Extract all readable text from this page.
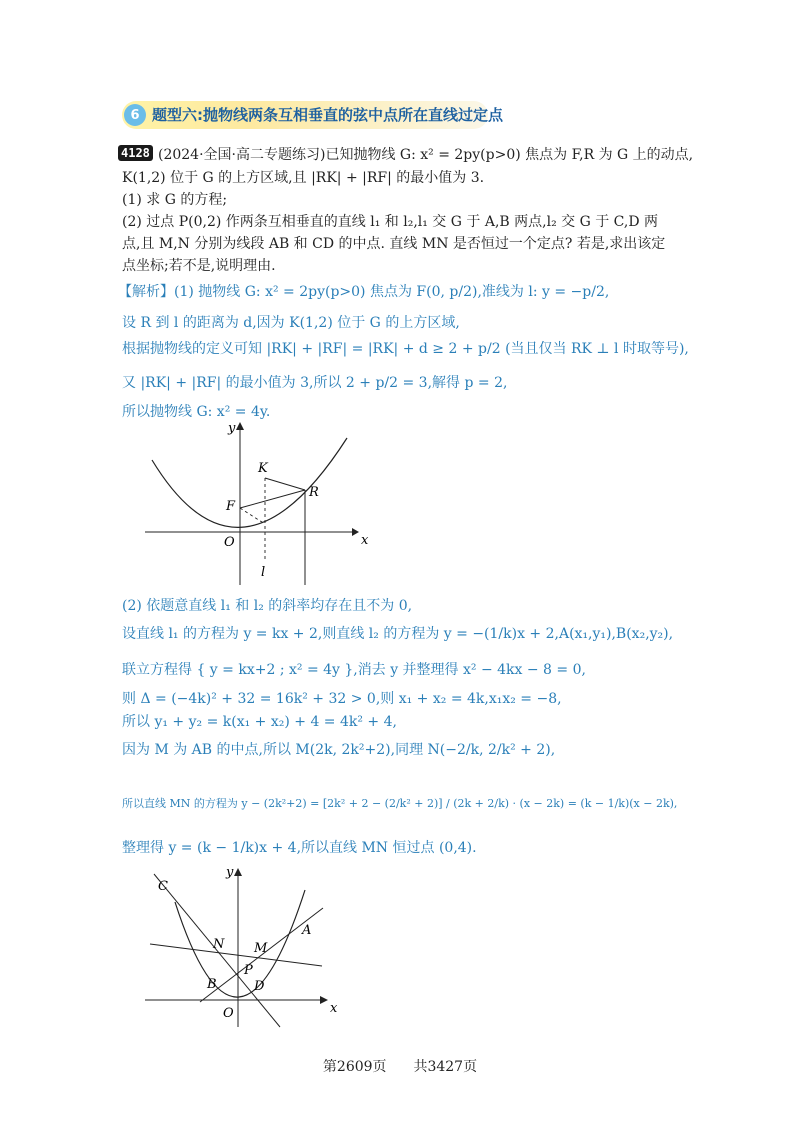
6 题型六:抛物线两条互相垂直的弦中点所在直线过定点
4128 (2024·全国·高二专题练习)已知抛物线 G: x² = 2py(p>0) 焦点为 F,R 为 G 上的动点,
K(1,2) 位于 G 的上方区域,且 |RK| + |RF| 的最小值为 3.
(1) 求 G 的方程;
(2) 过点 P(0,2) 作两条互相垂直的直线 l₁ 和 l₂,l₁ 交 G 于 A,B 两点,l₂ 交 G 于 C,D 两
点,且 M,N 分别为线段 AB 和 CD 的中点. 直线 MN 是否恒过一个定点? 若是,求出该定
点坐标;若不是,说明理由.
【解析】(1) 抛物线 G: x² = 2py(p>0) 焦点为 F(0, p/2),准线为 l: y = −p/2,
设 R 到 l 的距离为 d,因为 K(1,2) 位于 G 的上方区域,
根据抛物线的定义可知 |RK| + |RF| = |RK| + d ≥ 2 + p/2 (当且仅当 RK ⊥ l 时取等号),
又 |RK| + |RF| 的最小值为 3,所以 2 + p/2 = 3,解得 p = 2,
所以抛物线 G: x² = 4y.
x
y
K
R
F
O
l
(2) 依题意直线 l₁ 和 l₂ 的斜率均存在且不为 0,
设直线 l₁ 的方程为 y = kx + 2,则直线 l₂ 的方程为 y = −(1/k)x + 2,A(x₁,y₁),B(x₂,y₂),
联立方程得 { y = kx+2 ; x² = 4y },消去 y 并整理得 x² − 4kx − 8 = 0,
则 Δ = (−4k)² + 32 = 16k² + 32 > 0,则 x₁ + x₂ = 4k,x₁x₂ = −8,
所以 y₁ + y₂ = k(x₁ + x₂) + 4 = 4k² + 4,
因为 M 为 AB 的中点,所以 M(2k, 2k²+2),同理 N(−2/k, 2/k² + 2),
所以直线 MN 的方程为 y − (2k²+2) = [2k² + 2 − (2/k² + 2)] / (2k + 2/k) · (x − 2k) = (k − 1/k)(x − 2k),
整理得 y = (k − 1/k)x + 4,所以直线 MN 恒过点 (0,4).
x
y
C
A
N M
P
B	D
O
第2609页 共3427页
